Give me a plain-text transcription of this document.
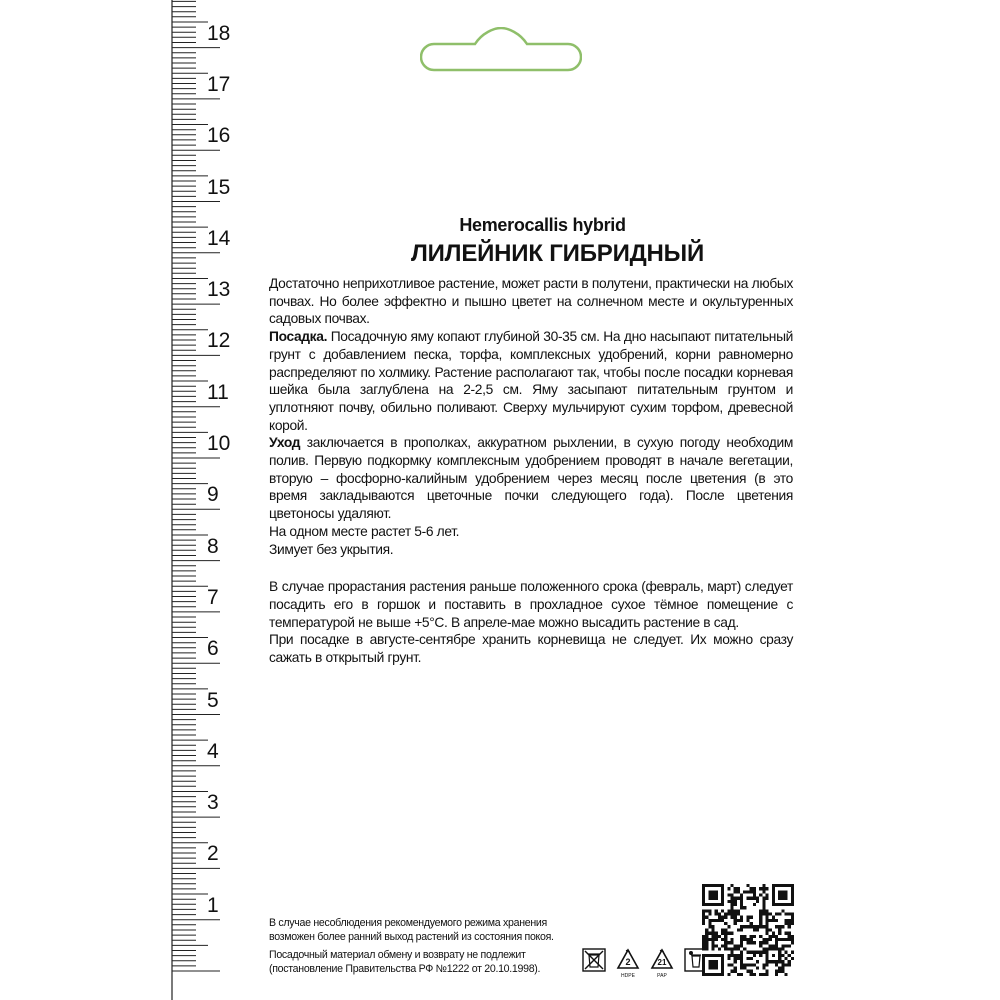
18
17
16
15
14
13
12
11
10
9
8
7
6
5
4
3
2
1
Hemerocallis hybrid
ЛИЛЕЙНИК ГИБРИДНЫЙ

Достаточно неприхотливое растение, может расти в полутени, практически на любых почвах. Но более эффектно и пышно цветет на солнечном месте и окультуренных садовых почвах.

Посадка. Посадочную яму копают глубиной 30-35 см. На дно насыпают питательный грунт с добавлением песка, торфа, комплексных удобрений, корни равномерно распределяют по холмику. Растение располагают так, чтобы после посадки корневая шейка была заглублена на 2-2,5 см. Яму засыпают питательным грунтом и уплотняют почву, обильно поливают. Сверху мульчируют сухим торфом, древесной корой.

Уход заключается в прополках, аккуратном рыхлении, в сухую погоду необходим полив. Первую подкормку комплексным удобрением проводят в начале вегетации, вторую – фосфорно-калийным удобрением через месяц после цветения (в это время закладываются цветочные почки следующего года). После цветения цветоносы удаляют.

На одном месте растет 5-6 лет.

Зимует без укрытия.

В случае прорастания растения раньше положенного срока (февраль, март) следует посадить его в горшок и поставить в прохладное сухое тёмное помещение с температурой не выше +5°С. В апреле-мае можно высадить растение в сад.

При посадке в августе-сентябре хранить корневища не следует. Их можно сразу сажать в открытый грунт.

В случае несоблюдения рекомендуемого режима хранения

возможен более ранний выход растений из состояния покоя.

Посадочный материал обмену и возврату не подлежит

(постановление Правительства РФ №1222 от 20.10.1998).

2
HDPE
21
PAP
